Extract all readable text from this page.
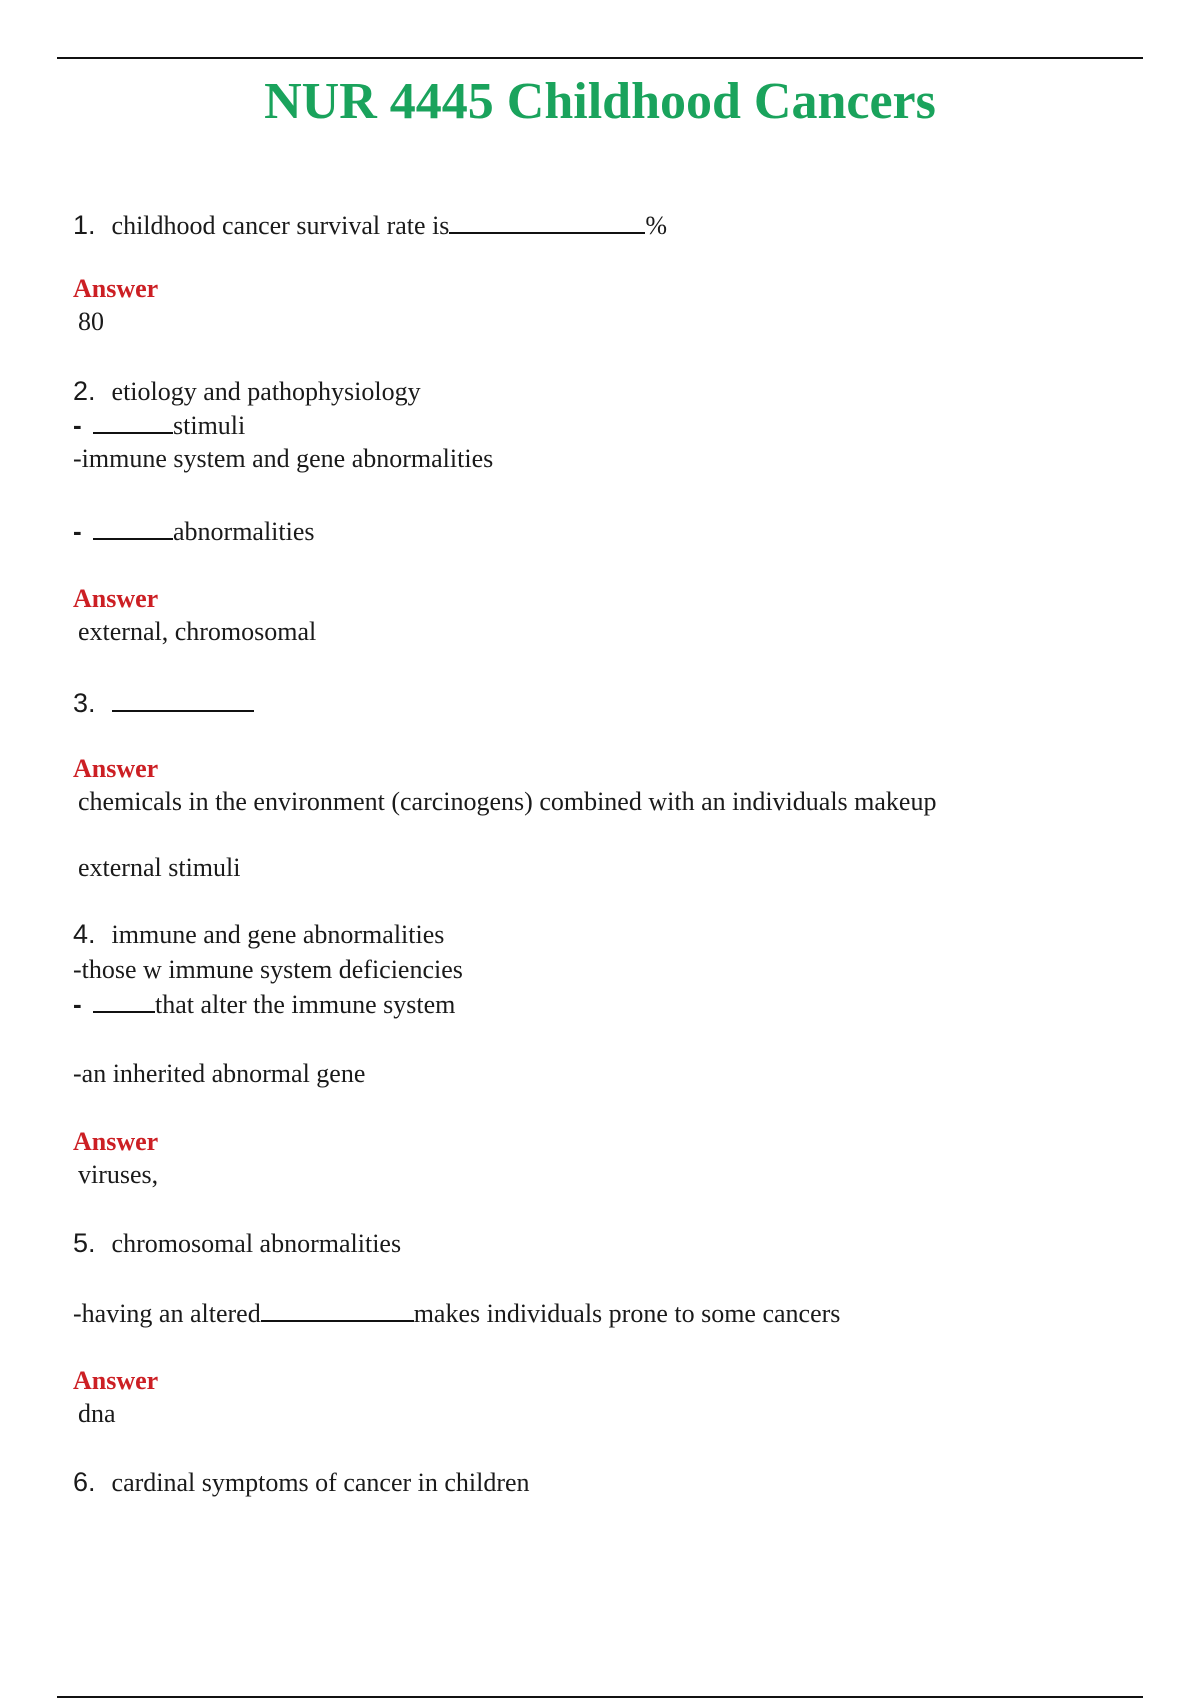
NUR 4445 Childhood Cancers
1. childhood cancer survival rate is	%
Answer
80
2. etiology and pathophysiology
-	stimuli
-immune system and gene abnormalities
-	abnormalities
Answer
external, chromosomal
3.
Answer
chemicals in the environment (carcinogens) combined with an individuals makeup
external stimuli
4. immune and gene abnormalities
-those w immune system deficiencies
-	that alter the immune system
-an inherited abnormal gene
Answer
viruses,
5. chromosomal abnormalities
-having an altered	makes individuals prone to some cancers
Answer
dna
6. cardinal symptoms of cancer in children
